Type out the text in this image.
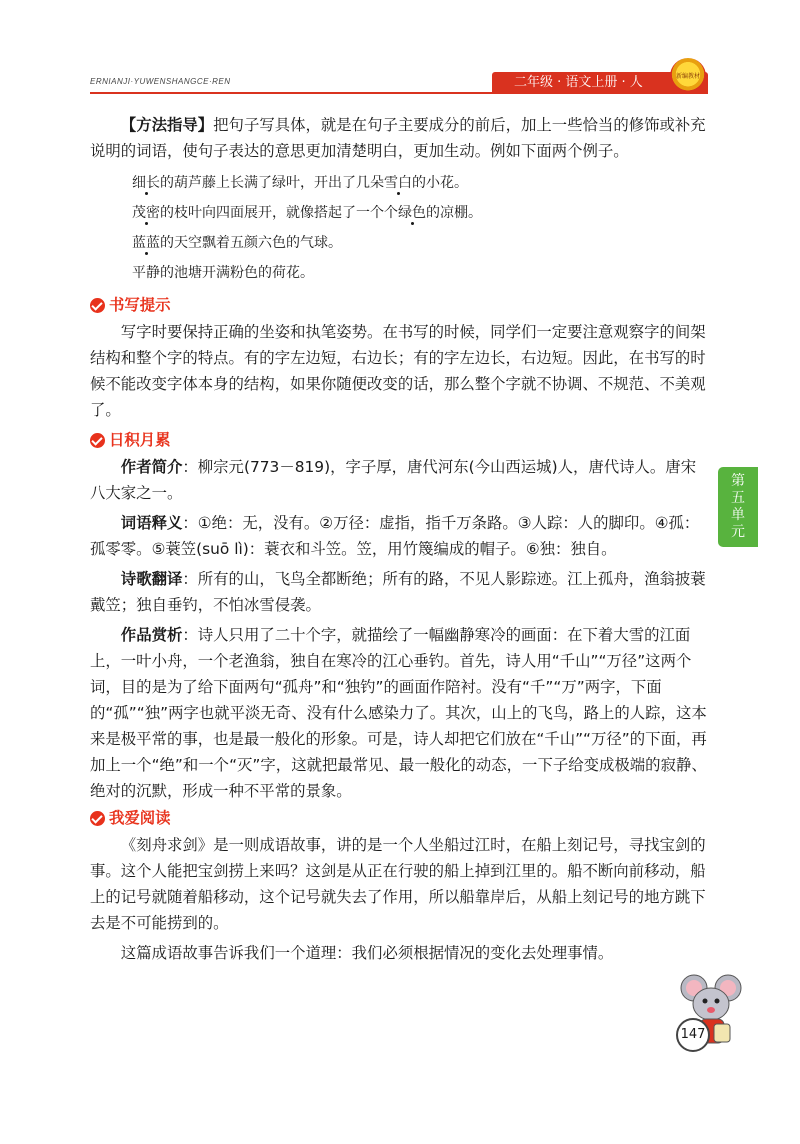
ERNIANJI·YUWENSHANGCE·REN	二年级 · 语文上册 · 人	新编教材
第
五
单
元

【方法指导】把句子写具体，就是在句子主要成分的前后，加上一些恰当的修饰或补充说明的词语，使句子表达的意思更加清楚明白，更加生动。例如下面两个例子。

细长的葫芦藤上长满了绿叶，开出了几朵雪白的小花。

茂密的枝叶向四面展开，就像搭起了一个个绿色的凉棚。

蓝蓝的天空飘着五颜六色的气球。

平静的池塘开满粉色的荷花。

书写提示

写字时要保持正确的坐姿和执笔姿势。在书写的时候，同学们一定要注意观察字的间架结构和整个字的特点。有的字左边短，右边长；有的字左边长，右边短。因此，在书写的时候不能改变字体本身的结构，如果你随便改变的话，那么整个字就不协调、不规范、不美观了。

日积月累

作者简介：柳宗元(773－819)，字子厚，唐代河东(今山西运城)人，唐代诗人。唐宋八大家之一。

词语释义：①绝：无，没有。②万径：虚指，指千万条路。③人踪：人的脚印。④孤：孤零零。⑤蓑笠(suō lì)：蓑衣和斗笠。笠，用竹篾编成的帽子。⑥独：独自。

诗歌翻译：所有的山，飞鸟全都断绝；所有的路，不见人影踪迹。江上孤舟，渔翁披蓑戴笠；独自垂钓，不怕冰雪侵袭。

作品赏析：诗人只用了二十个字，就描绘了一幅幽静寒冷的画面：在下着大雪的江面上，一叶小舟，一个老渔翁，独自在寒冷的江心垂钓。首先，诗人用“千山”“万径”这两个词，目的是为了给下面两句“孤舟”和“独钓”的画面作陪衬。没有“千”“万”两字，下面的“孤”“独”两字也就平淡无奇、没有什么感染力了。其次，山上的飞鸟，路上的人踪，这本来是极平常的事，也是最一般化的形象。可是，诗人却把它们放在“千山”“万径”的下面，再加上一个“绝”和一个“灭”字，这就把最常见、最一般化的动态，一下子给变成极端的寂静、绝对的沉默，形成一种不平常的景象。

我爱阅读

《刻舟求剑》是一则成语故事，讲的是一个人坐船过江时，在船上刻记号，寻找宝剑的事。这个人能把宝剑捞上来吗？这剑是从正在行驶的船上掉到江里的。船不断向前移动，船上的记号就随着船移动，这个记号就失去了作用，所以船靠岸后，从船上刻记号的地方跳下去是不可能捞到的。

这篇成语故事告诉我们一个道理：我们必须根据情况的变化去处理事情。

147
